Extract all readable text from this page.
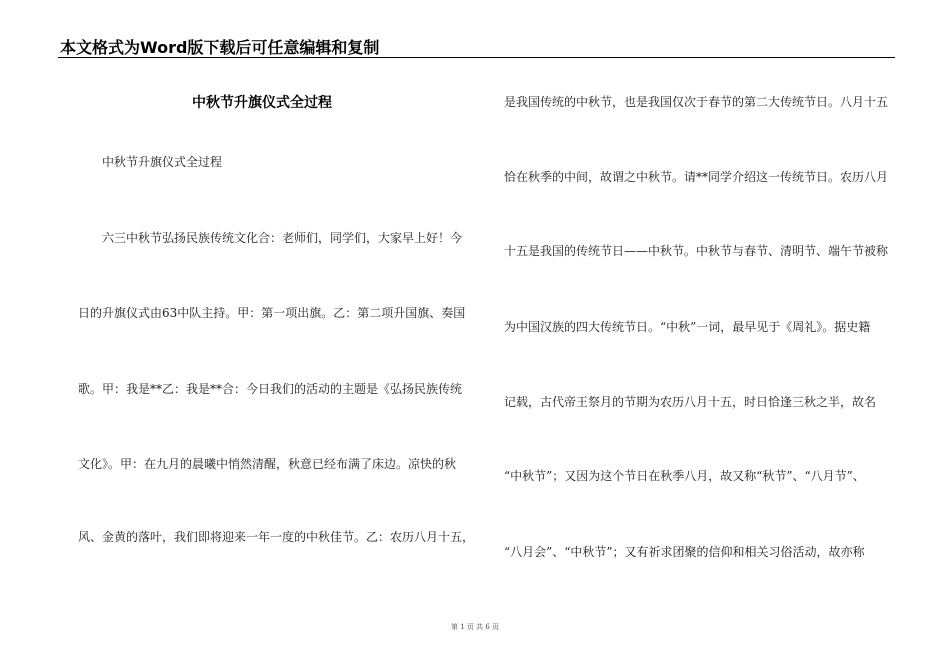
本文格式为Word版下载后可任意编辑和复制
中秋节升旗仪式全过程
中秋节升旗仪式全过程
六三中秋节弘扬民族传统文化合：老师们，同学们，大家早上好！今
日的升旗仪式由63中队主持。甲：第一项出旗。乙：第二项升国旗、奏国
歌。甲：我是**乙：我是**合：今日我们的活动的主题是《弘扬民族传统
文化》。甲：在九月的晨曦中悄然清醒，秋意已经布满了床边。凉快的秋
风、金黄的落叶，我们即将迎来一年一度的中秋佳节。乙：农历八月十五，
是我国传统的中秋节，也是我国仅次于春节的第二大传统节日。八月十五
恰在秋季的中间，故谓之中秋节。请**同学介绍这一传统节日。农历八月
十五是我国的传统节日——中秋节。中秋节与春节、清明节、端午节被称
为中国汉族的四大传统节日。“中秋”一词，最早见于《周礼》。据史籍
记载，古代帝王祭月的节期为农历八月十五，时日恰逢三秋之半，故名
“中秋节”；又因为这个节日在秋季八月，故又称“秋节”、“八月节”、
“八月会”、“中秋节”；又有祈求团聚的信仰和相关习俗活动，故亦称
第 1 页 共 6 页
